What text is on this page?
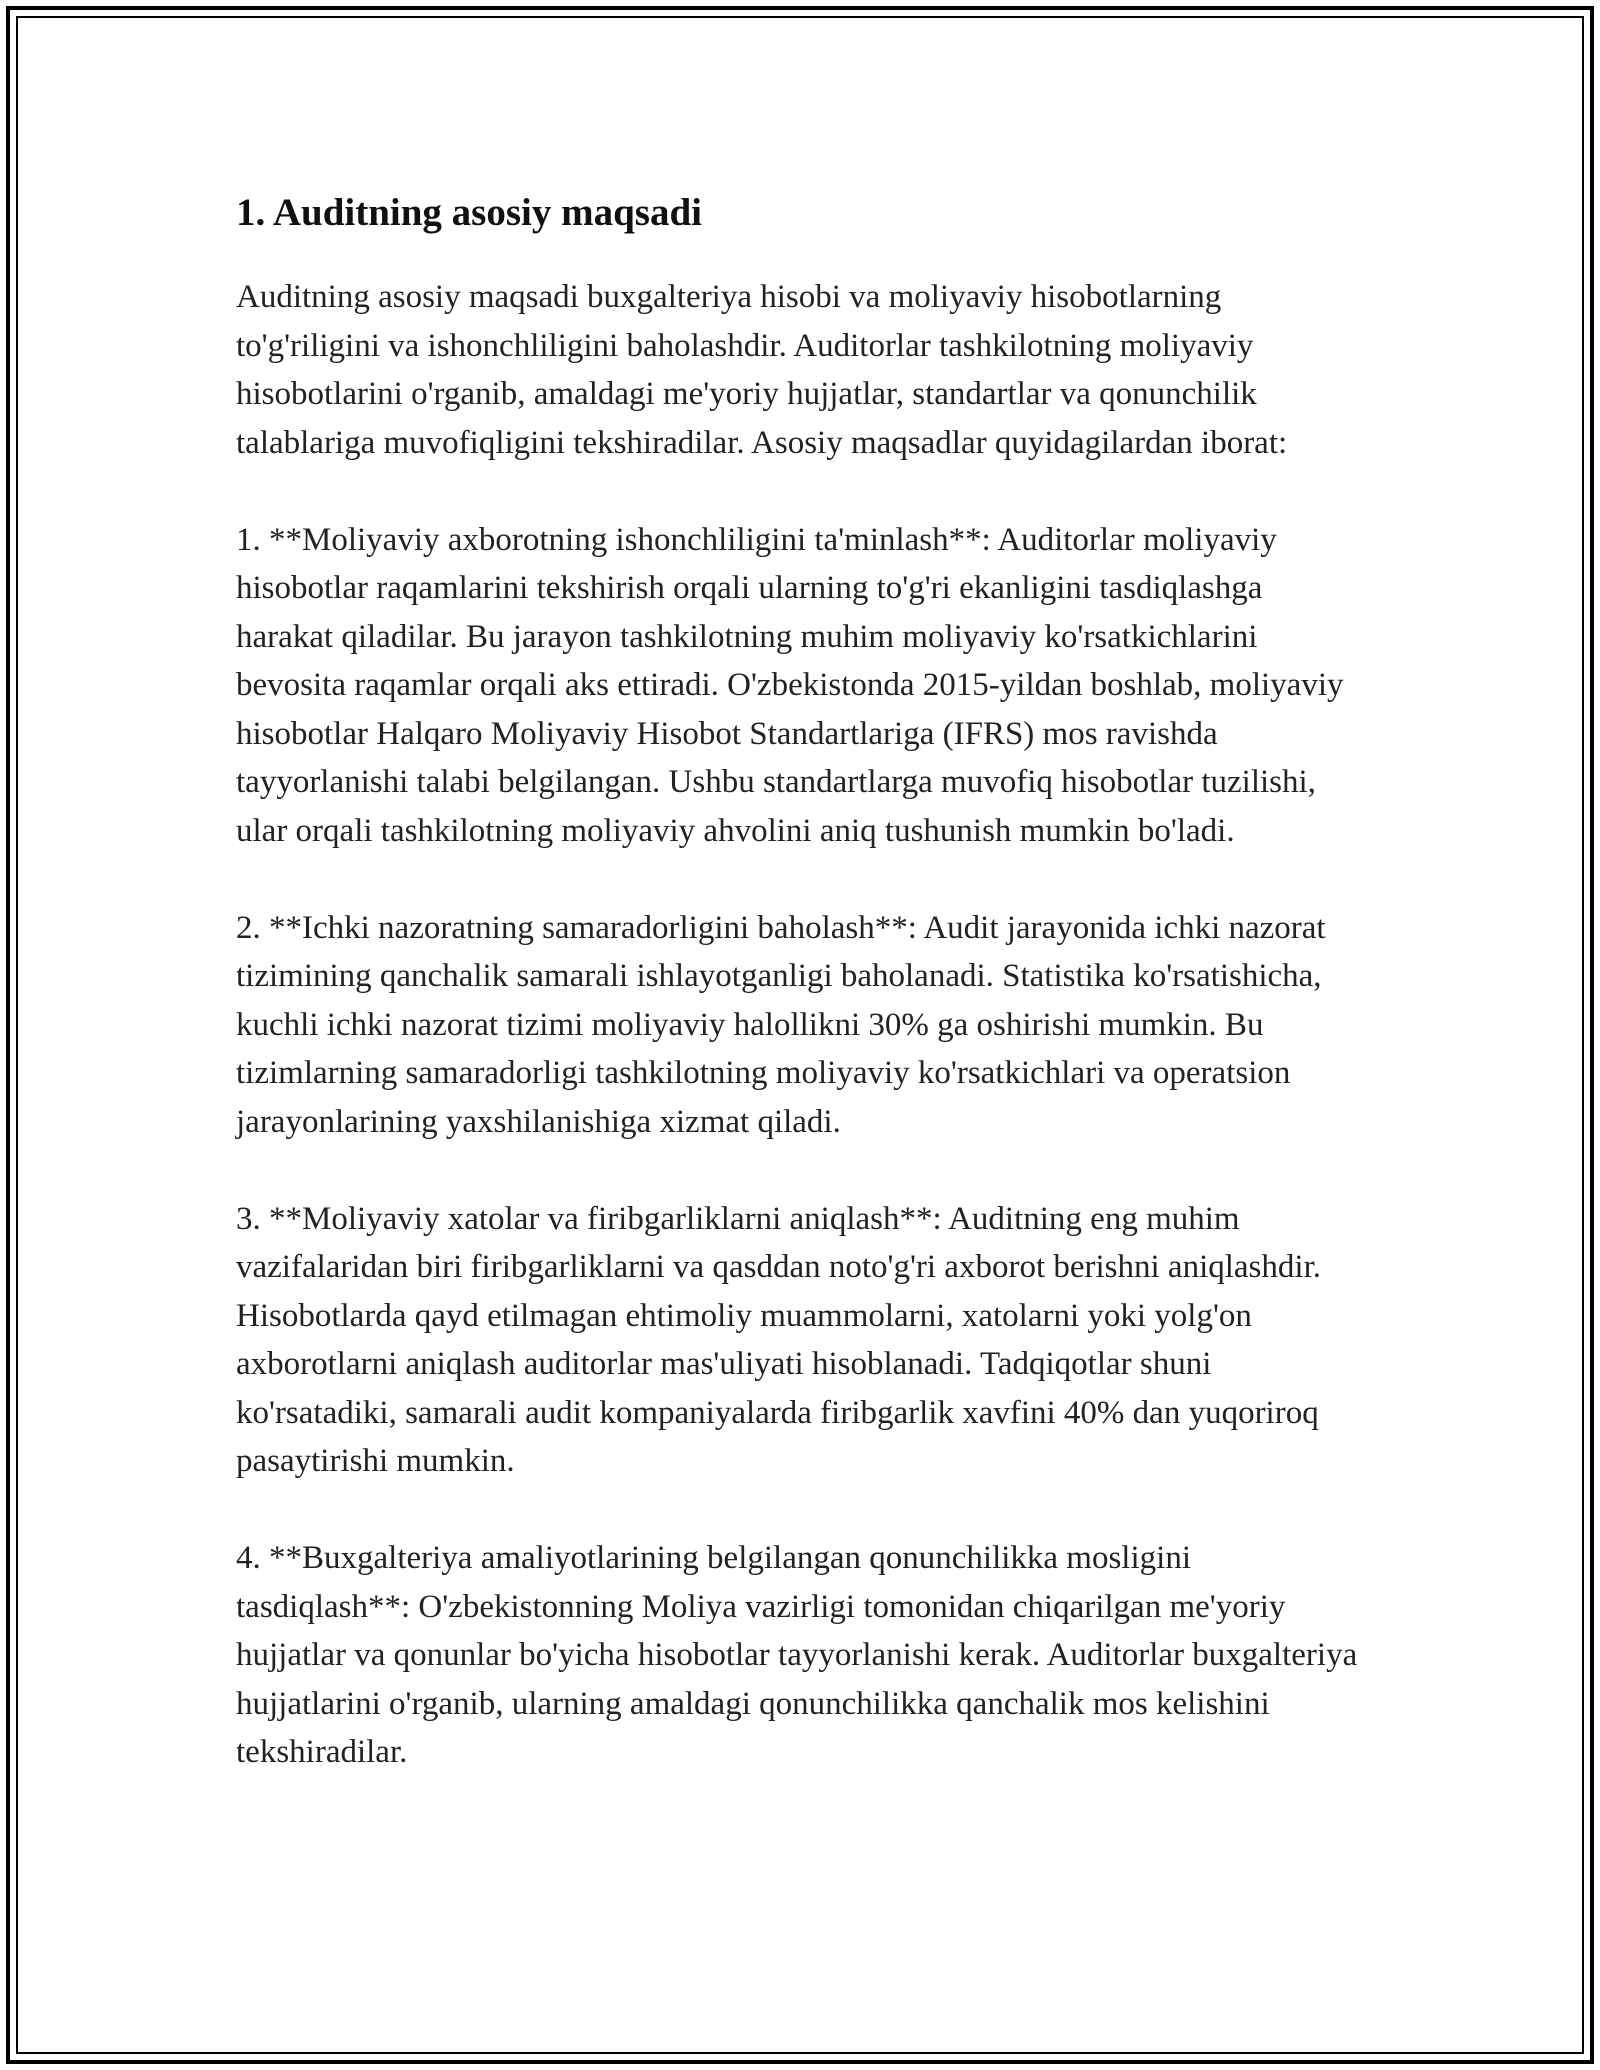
1. Auditning asosiy maqsadi

Auditning asosiy maqsadi buxgalteriya hisobi va moliyaviy hisobotlarning to'g'riligini va ishonchliligini baholashdir. Auditorlar tashkilotning moliyaviy hisobotlarini o'rganib, amaldagi me'yoriy hujjatlar, standartlar va qonunchilik talablariga muvofiqligini tekshiradilar. Asosiy maqsadlar quyidagilardan iborat:

1. **Moliyaviy axborotning ishonchliligini ta'minlash**: Auditorlar moliyaviy hisobotlar raqamlarini tekshirish orqali ularning to'g'ri ekanligini tasdiqlashga harakat qiladilar. Bu jarayon tashkilotning muhim moliyaviy ko'rsatkichlarini bevosita raqamlar orqali aks ettiradi. O'zbekistonda 2015-yildan boshlab, moliyaviy hisobotlar Halqaro Moliyaviy Hisobot Standartlariga (IFRS) mos ravishda tayyorlanishi talabi belgilangan. Ushbu standartlarga muvofiq hisobotlar tuzilishi, ular orqali tashkilotning moliyaviy ahvolini aniq tushunish mumkin bo'ladi.

2. **Ichki nazoratning samaradorligini baholash**: Audit jarayonida ichki nazorat tizimining qanchalik samarali ishlayotganligi baholanadi. Statistika ko'rsatishicha, kuchli ichki nazorat tizimi moliyaviy halollikni 30% ga oshirishi mumkin. Bu tizimlarning samaradorligi tashkilotning moliyaviy ko'rsatkichlari va operatsion jarayonlarining yaxshilanishiga xizmat qiladi.

3. **Moliyaviy xatolar va firibgarliklarni aniqlash**: Auditning eng muhim vazifalaridan biri firibgarliklarni va qasddan noto'g'ri axborot berishni aniqlashdir. Hisobotlarda qayd etilmagan ehtimoliy muammolarni, xatolarni yoki yolg'on axborotlarni aniqlash auditorlar mas'uliyati hisoblanadi. Tadqiqotlar shuni ko'rsatadiki, samarali audit kompaniyalarda firibgarlik xavfini 40% dan yuqoriroq pasaytirishi mumkin.

4. **Buxgalteriya amaliyotlarining belgilangan qonunchilikka mosligini tasdiqlash**: O'zbekistonning Moliya vazirligi tomonidan chiqarilgan me'yoriy hujjatlar va qonunlar bo'yicha hisobotlar tayyorlanishi kerak. Auditorlar buxgalteriya hujjatlarini o'rganib, ularning amaldagi qonunchilikka qanchalik mos kelishini tekshiradilar.
